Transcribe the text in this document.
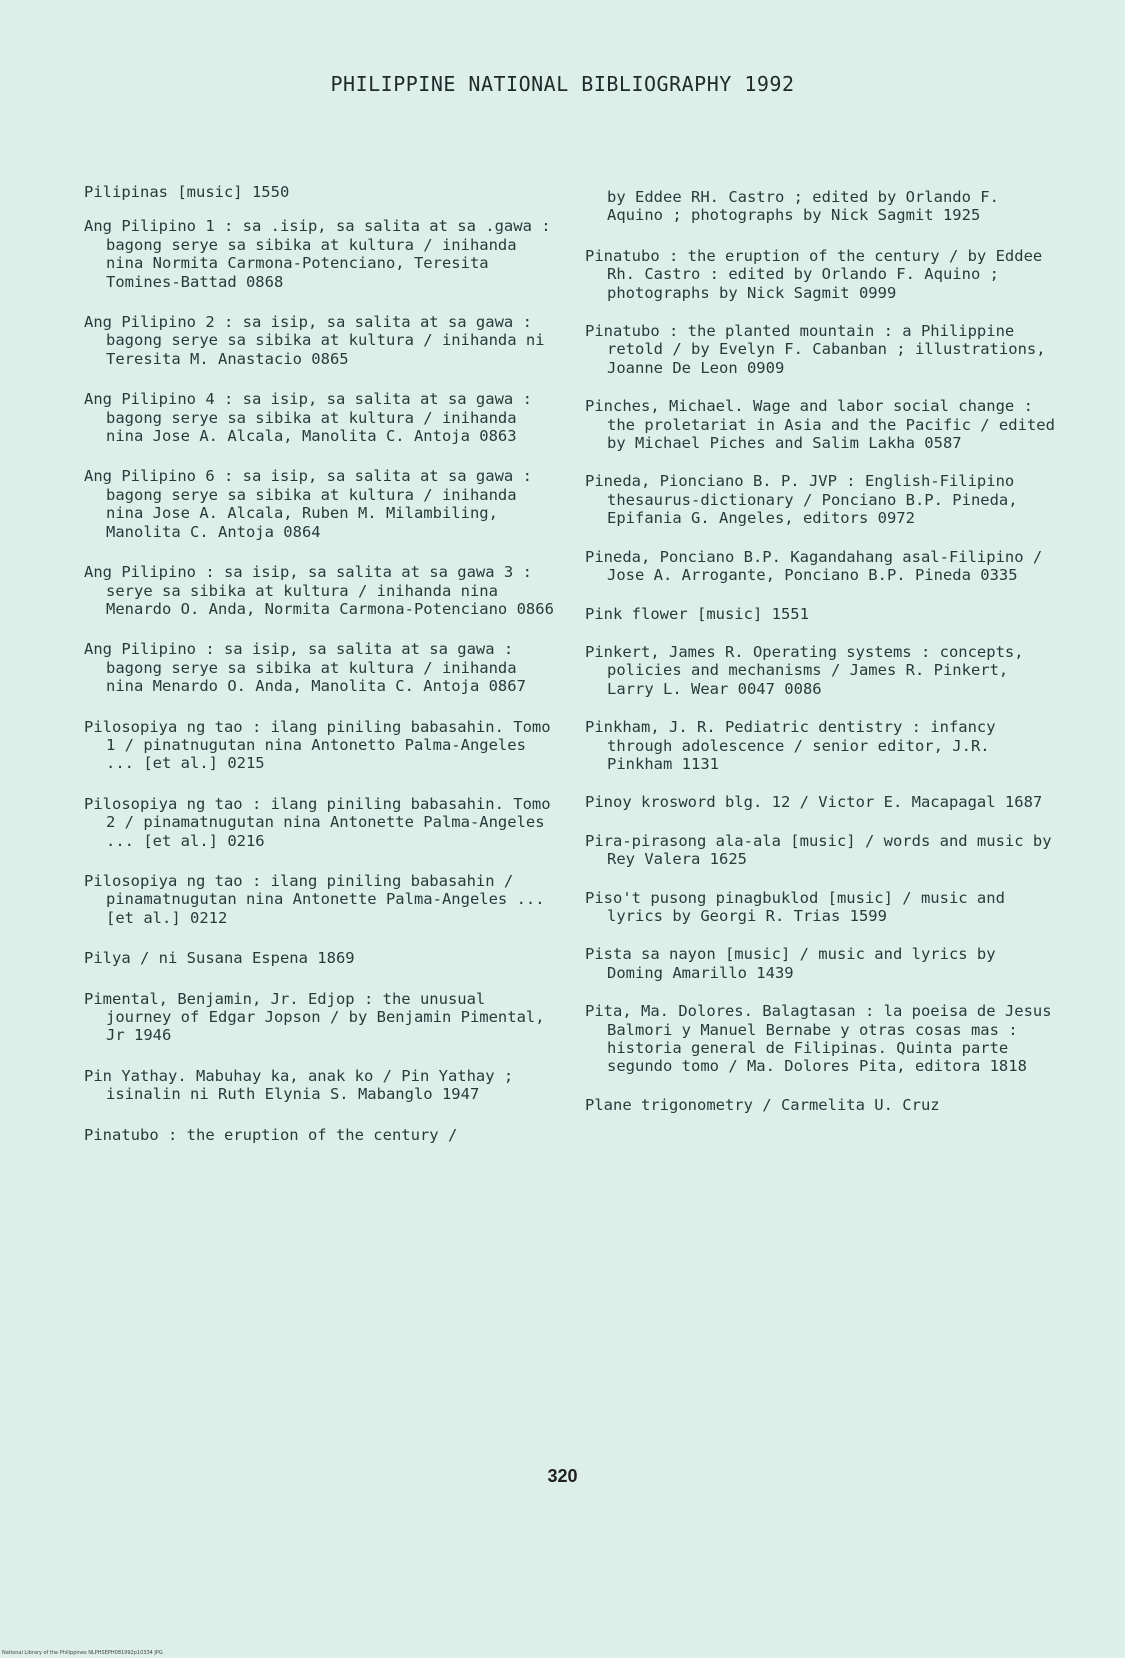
PHILIPPINE NATIONAL BIBLIOGRAPHY 1992

Pilipinas [music] 1550

Ang Pilipino 1 : sa .isip, sa salita at sa .gawa : bagong serye sa sibika at kultura / inihanda nina Normita Carmona-Potenciano, Teresita Tomines-Battad 0868

Ang Pilipino 2 : sa isip, sa salita at sa gawa : bagong serye sa sibika at kultura / inihanda ni Teresita M. Anastacio 0865

Ang Pilipino 4 : sa isip, sa salita at sa gawa : bagong serye sa sibika at kultura / inihanda nina Jose A. Alcala, Manolita C. Antoja 0863

Ang Pilipino 6 : sa isip, sa salita at sa gawa : bagong serye sa sibika at kultura / inihanda nina Jose A. Alcala, Ruben M. Milambiling, Manolita C. Antoja 0864

Ang Pilipino : sa isip, sa salita at sa gawa 3 : serye sa sibika at kultura / inihanda nina Menardo O. Anda, Normita Carmona-Potenciano 0866

Ang Pilipino : sa isip, sa salita at sa gawa : bagong serye sa sibika at kultura / inihanda nina Menardo O. Anda, Manolita C. Antoja 0867

Pilosopiya ng tao : ilang piniling babasahin. Tomo 1 / pinatnugutan nina Antonetto Palma-Angeles ... [et al.] 0215

Pilosopiya ng tao : ilang piniling babasahin. Tomo 2 / pinamatnugutan nina Antonette Palma-Angeles ... [et al.] 0216

Pilosopiya ng tao : ilang piniling babasahin / pinamatnugutan nina Antonette Palma-Angeles ... [et al.] 0212

Pilya / ni Susana Espena 1869

Pimental, Benjamin, Jr. Edjop : the unusual journey of Edgar Jopson / by Benjamin Pimental, Jr 1946

Pin Yathay. Mabuhay ka, anak ko / Pin Yathay ; isinalin ni Ruth Elynia S. Mabanglo 1947

Pinatubo : the eruption of the century /

by Eddee RH. Castro ; edited by Orlando F. Aquino ; photographs by Nick Sagmit 1925

Pinatubo : the eruption of the century / by Eddee Rh. Castro : edited by Orlando F. Aquino ; photographs by Nick Sagmit 0999

Pinatubo : the planted mountain : a Philippine retold / by Evelyn F. Cabanban ; illustrations, Joanne De Leon 0909

Pinches, Michael. Wage and labor social change : the proletariat in Asia and the Pacific / edited by Michael Piches and Salim Lakha 0587

Pineda, Pionciano B. P. JVP : English-Filipino thesaurus-dictionary / Ponciano B.P. Pineda, Epifania G. Angeles, editors 0972

Pineda, Ponciano B.P. Kagandahang asal-Filipino / Jose A. Arrogante, Ponciano B.P. Pineda 0335

Pink flower [music] 1551

Pinkert, James R. Operating systems : concepts, policies and mechanisms / James R. Pinkert, Larry L. Wear 0047 0086

Pinkham, J. R. Pediatric dentistry : infancy through adolescence / senior editor, J.R. Pinkham 1131

Pinoy krosword blg. 12 / Victor E. Macapagal 1687

Pira-pirasong ala-ala [music] / words and music by Rey Valera 1625

Piso't pusong pinagbuklod [music] / music and lyrics by Georgi R. Trias 1599

Pista sa nayon [music] / music and lyrics by Doming Amarillo 1439

Pita, Ma. Dolores. Balagtasan : la poeisa de Jesus Balmori y Manuel Bernabe y otras cosas mas : historia general de Filipinas. Quinta parte segundo tomo / Ma. Dolores Pita, editora 1818

Plane trigonometry / Carmelita U. Cruz

320
National Library of the Philippines NLPHSEPH081992p10334 JPG
